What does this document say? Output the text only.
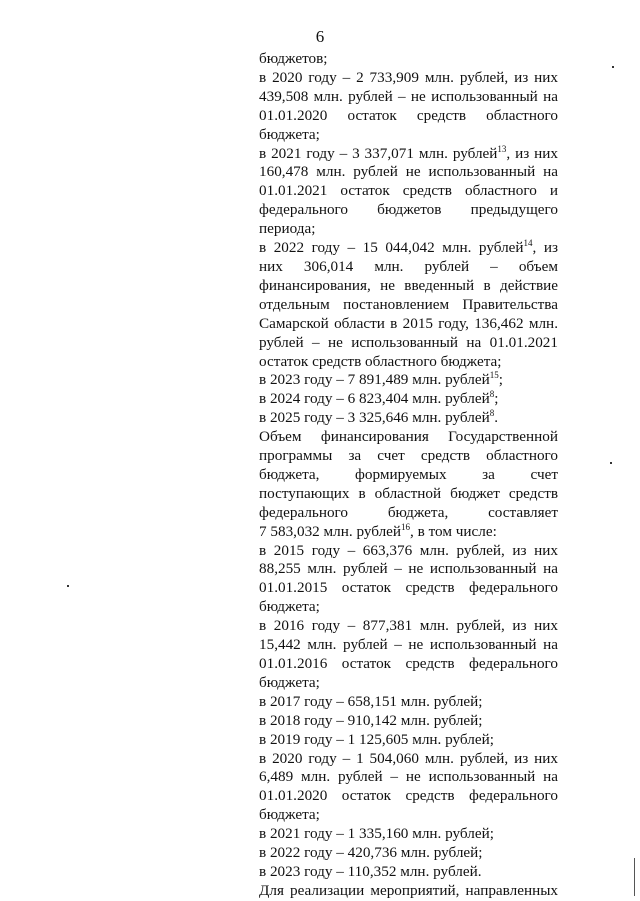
6
бюджетов;
в 2020 году – 2 733,909 млн. рублей, из них
439,508 млн. рублей – не использованный на
01.01.2020 остаток средств областного
бюджета;
в 2021 году – 3 337,071 млн. рублей$^{13}$, из них
160,478 млн. рублей не использованный на
01.01.2021 остаток средств областного и
федерального бюджетов предыдущего
периода;
в 2022 году – 15 044,042 млн. рублей$^{14}$, из
них 306,014 млн. рублей – объем
финансирования, не введенный в действие
отдельным постановлением Правительства
Самарской области в 2015 году, 136,462 млн.
рублей – не использованный на 01.01.2021
остаток средств областного бюджета;
в 2023 году – 7 891,489 млн. рублей$^{15}$;
в 2024 году – 6 823,404 млн. рублей$^8$;
в 2025 году – 3 325,646 млн. рублей$^8$.
Объем финансирования Государственной
программы за счет средств областного
бюджета, формируемых за счет
поступающих в областной бюджет средств
федерального бюджета, составляет
7 583,032 млн. рублей$^{16}$, в том числе:
в 2015 году – 663,376 млн. рублей, из них
88,255 млн. рублей – не использованный на
01.01.2015 остаток средств федерального
бюджета;
в 2016 году – 877,381 млн. рублей, из них
15,442 млн. рублей – не использованный на
01.01.2016 остаток средств федерального
бюджета;
в 2017 году – 658,151 млн. рублей;
в 2018 году – 910,142 млн. рублей;
в 2019 году – 1 125,605 млн. рублей;
в 2020 году – 1 504,060 млн. рублей, из них
6,489 млн. рублей – не использованный на
01.01.2020 остаток средств федерального
бюджета;
в 2021 году – 1 335,160 млн. рублей;
в 2022 году – 420,736 млн. рублей;
в 2023 году – 110,352 млн. рублей.
Для реализации мероприятий, направленных
